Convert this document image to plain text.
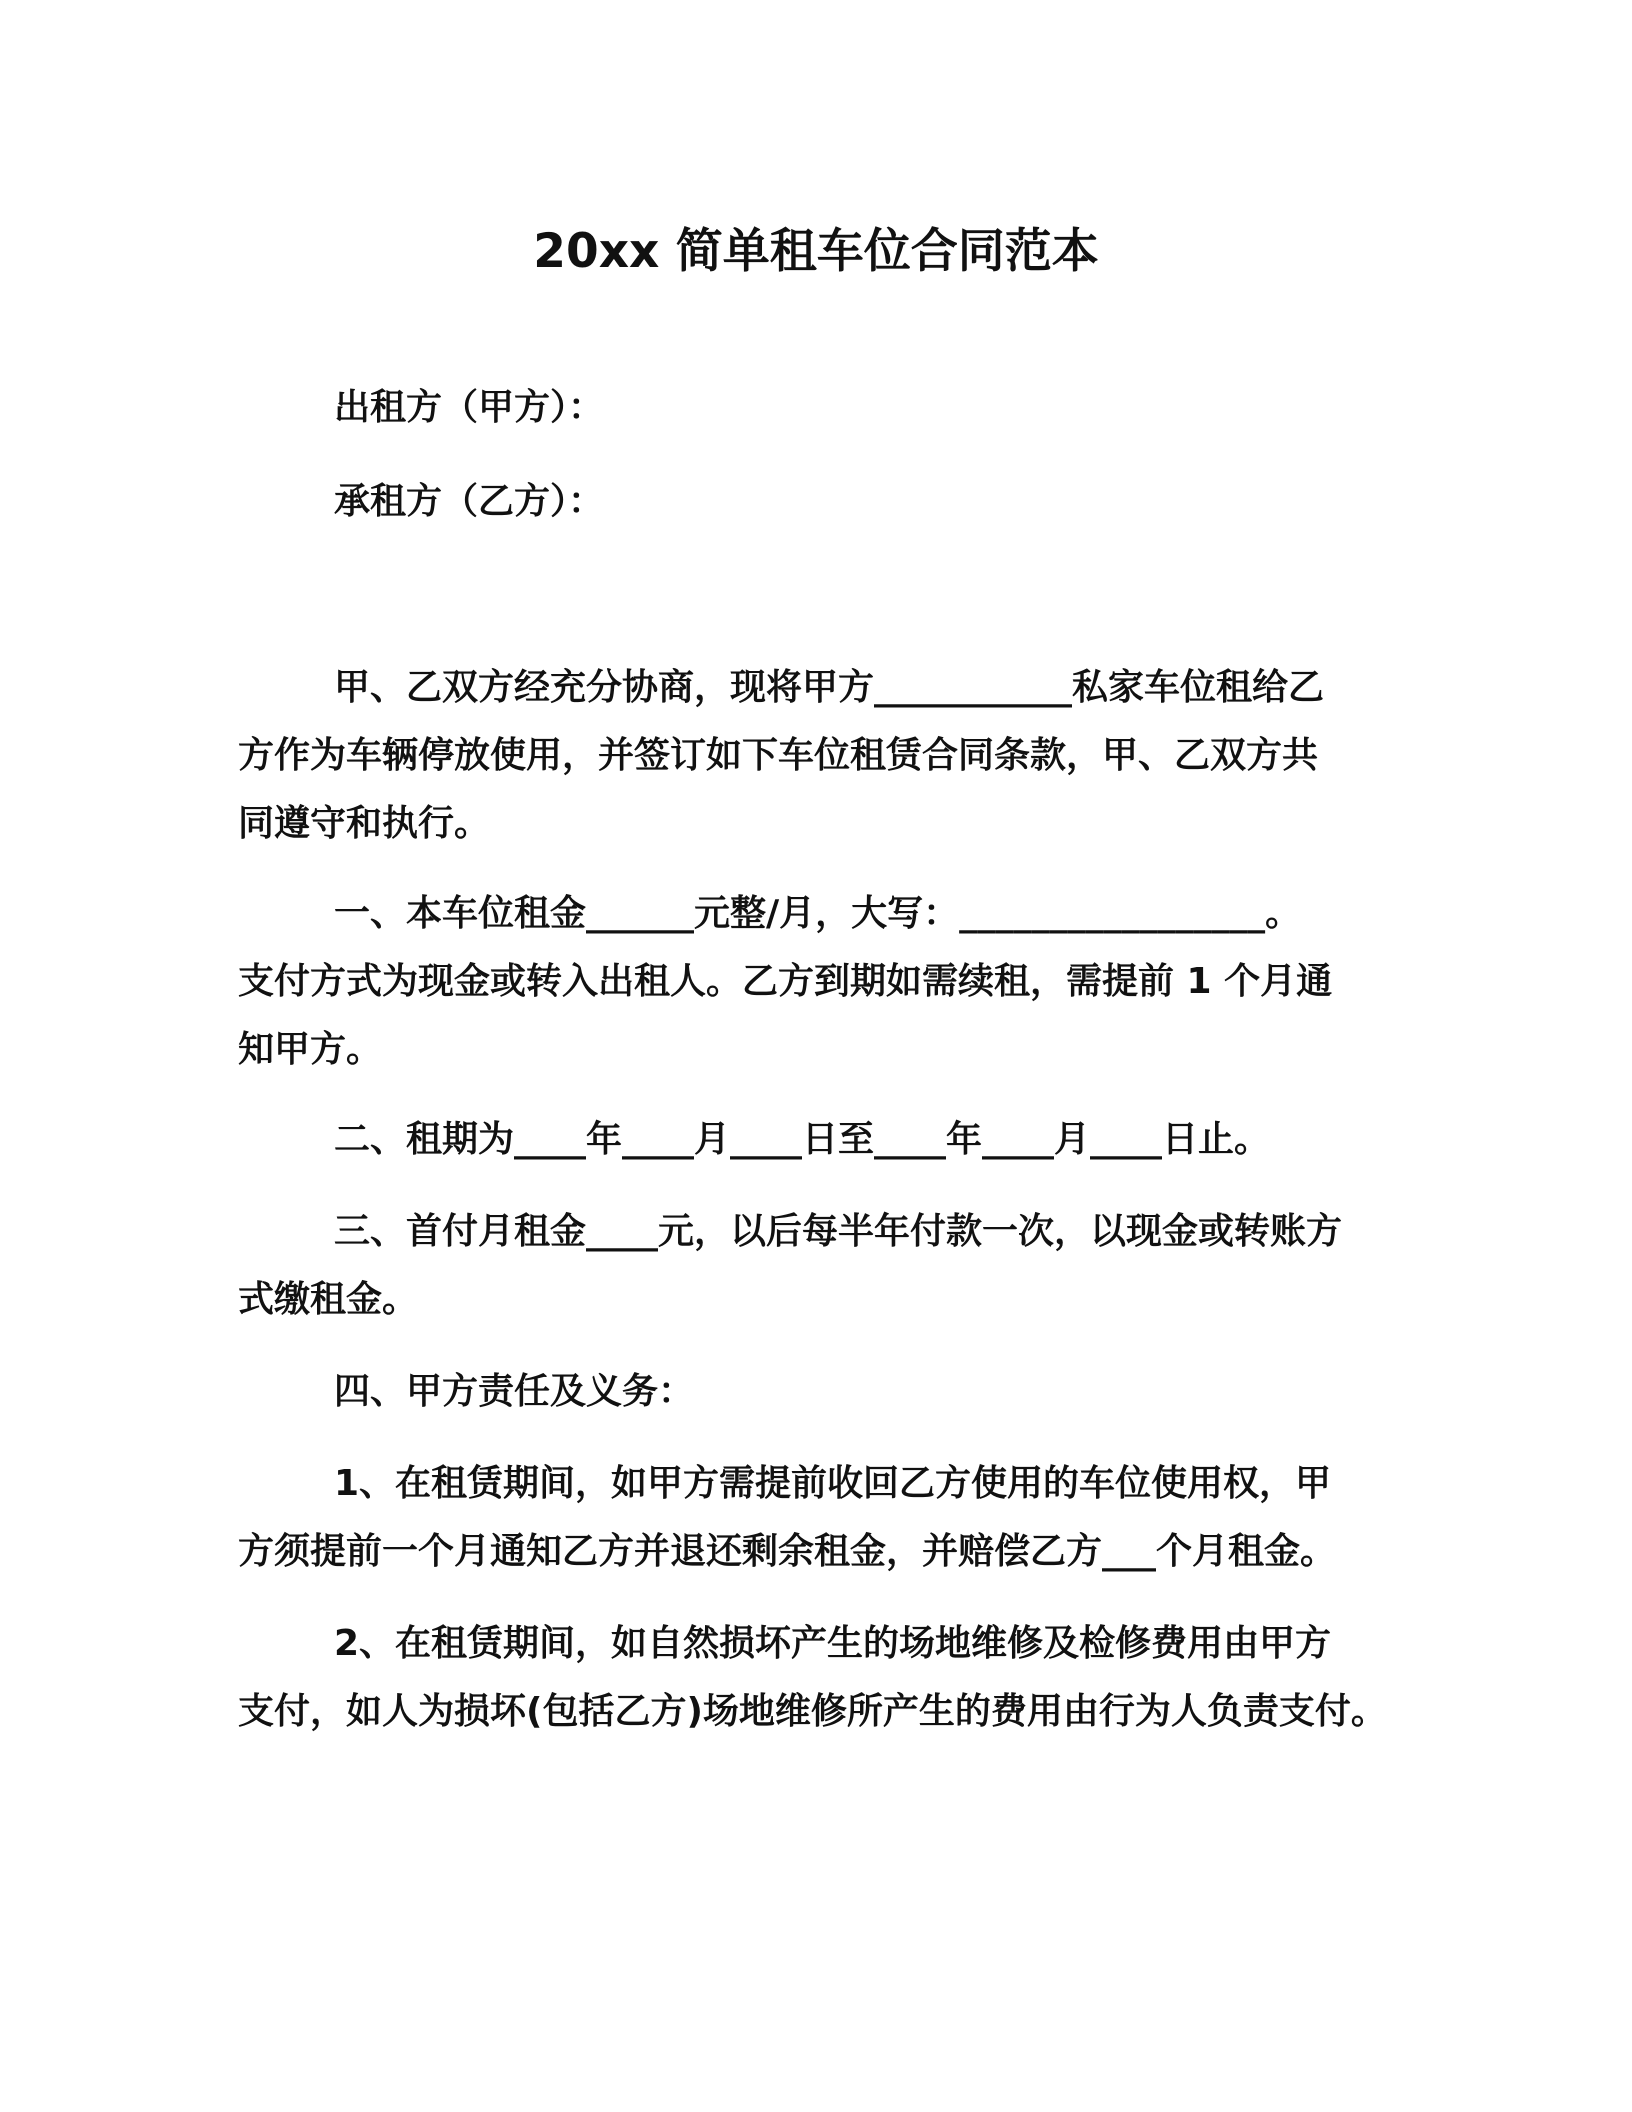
20xx 简单租车位合同范本
出租方（甲方）：
承租方（乙方）：
甲、乙双方经充分协商，现将甲方___________私家车位租给乙
方作为车辆停放使用，并签订如下车位租赁合同条款，甲、乙双方共
同遵守和执行。
一、本车位租金______元整/月，大写：_________________。
支付方式为现金或转入出租人。乙方到期如需续租，需提前 1 个月通
知甲方。
二、租期为____年____月____日至____年____月____日止。
三、首付月租金____元，以后每半年付款一次，以现金或转账方
式缴租金。
四、甲方责任及义务：
1、在租赁期间，如甲方需提前收回乙方使用的车位使用权，甲
方须提前一个月通知乙方并退还剩余租金，并赔偿乙方___个月租金。
2、在租赁期间，如自然损坏产生的场地维修及检修费用由甲方
支付，如人为损坏(包括乙方)场地维修所产生的费用由行为人负责支付。
